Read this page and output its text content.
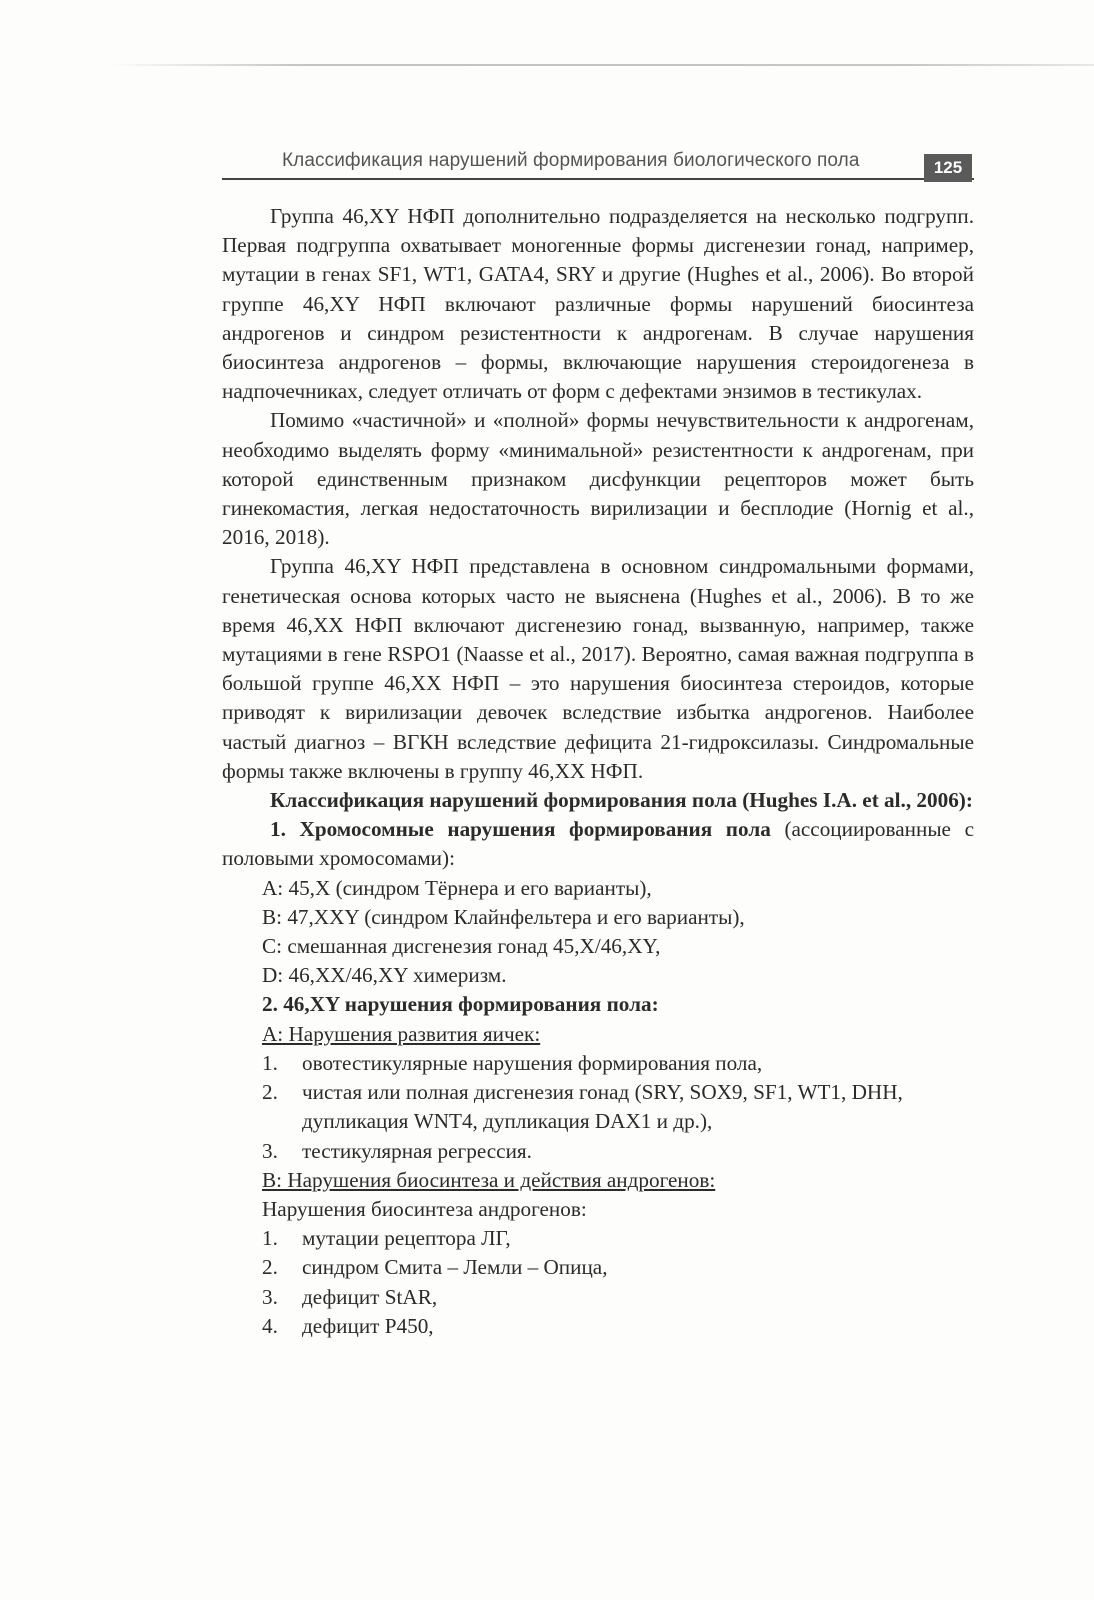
Классификация нарушений формирования биологического пола	125

Группа 46,XY НФП дополнительно подразделяется на несколько подгрупп. Первая подгруппа охватывает моногенные формы дисгенезии гонад, например, мутации в генах SF1, WT1, GATA4, SRY и другие (Hughes et al., 2006). Во второй группе 46,XY НФП включают различные формы нарушений биосинтеза андрогенов и синдром резистентности к андрогенам. В случае нарушения биосинтеза андрогенов – формы, включающие нарушения стероидогенеза в надпочечниках, следует отличать от форм с дефектами энзимов в тестикулах.

Помимо «частичной» и «полной» формы нечувствительности к андрогенам, необходимо выделять форму «минимальной» резистентности к андрогенам, при которой единственным признаком дисфункции рецепторов может быть гинекомастия, легкая недостаточность вирилизации и бесплодие (Hornig et al., 2016, 2018).

Группа 46,XY НФП представлена в основном синдромальными формами, генетическая основа которых часто не выяснена (Hughes et al., 2006). В то же время 46,XX НФП включают дисгенезию гонад, вызванную, например, также мутациями в гене RSPO1 (Naasse et al., 2017). Вероятно, самая важная подгруппа в большой группе 46,XX НФП – это нарушения биосинтеза стероидов, которые приводят к вирилизации девочек вследствие избытка андрогенов. Наиболее частый диагноз – ВГКН вследствие дефицита 21-гидроксилазы. Синдромальные формы также включены в группу 46,XX НФП.

Классификация нарушений формирования пола (Hughes I.A. et al., 2006):

1. Хромосомные нарушения формирования пола (ассоциированные с половыми хромосомами):

A: 45,X (синдром Тёрнера и его варианты),

B: 47,XXY (синдром Клайнфельтера и его варианты),

C: смешанная дисгенезия гонад 45,X/46,XY,

D: 46,XX/46,XY химеризм.

2. 46,XY нарушения формирования пола:

A: Нарушения развития яичек:

1.	овотестикулярные нарушения формирования пола,
2.	чистая или полная дисгенезия гонад (SRY, SOX9, SF1, WT1, DHH, дупликация WNT4, дупликация DAX1 и др.),
3.	тестикулярная регрессия.

B: Нарушения биосинтеза и действия андрогенов:

Нарушения биосинтеза андрогенов:

1.	мутации рецептора ЛГ,
2.	синдром Смита – Лемли – Опица,
3.	дефицит StAR,
4.	дефицит P450,
